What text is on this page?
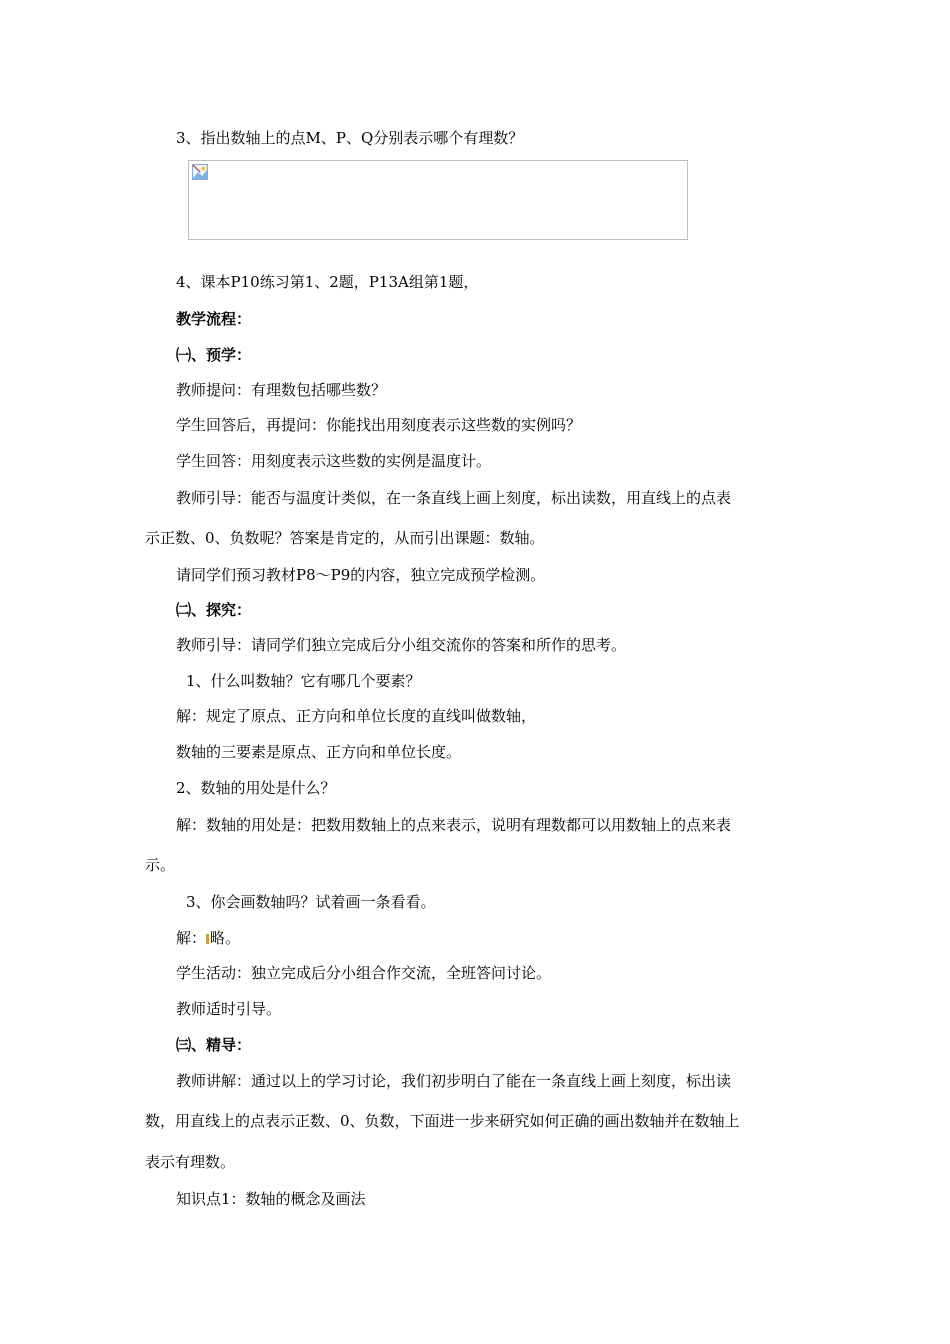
3、指出数轴上的点M、P、Q分别表示哪个有理数？
4、课本P10练习第1、2题，P13A组第1题，
教学流程：
㈠、预学：
教师提问：有理数包括哪些数？
学生回答后，再提问：你能找出用刻度表示这些数的实例吗？
学生回答：用刻度表示这些数的实例是温度计。
教师引导：能否与温度计类似，在一条直线上画上刻度，标出读数，用直线上的点表
示正数、0、负数呢？答案是肯定的，从而引出课题：数轴。
请同学们预习教材P8～P9的内容，独立完成预学检测。
㈡、探究：
教师引导：请同学们独立完成后分小组交流你的答案和所作的思考。
1、什么叫数轴？它有哪几个要素？
解：规定了原点、正方向和单位长度的直线叫做数轴，
数轴的三要素是原点、正方向和单位长度。
2、数轴的用处是什么？
解：数轴的用处是：把数用数轴上的点来表示，说明有理数都可以用数轴上的点来表
示。
3、你会画数轴吗？试着画一条看看。
解： 略。
学生活动：独立完成后分小组合作交流，全班答问讨论。
教师适时引导。
㈢、精导：
教师讲解：通过以上的学习讨论，我们初步明白了能在一条直线上画上刻度，标出读
数，用直线上的点表示正数、0、负数，下面进一步来研究如何正确的画出数轴并在数轴上
表示有理数。
知识点1：数轴的概念及画法
